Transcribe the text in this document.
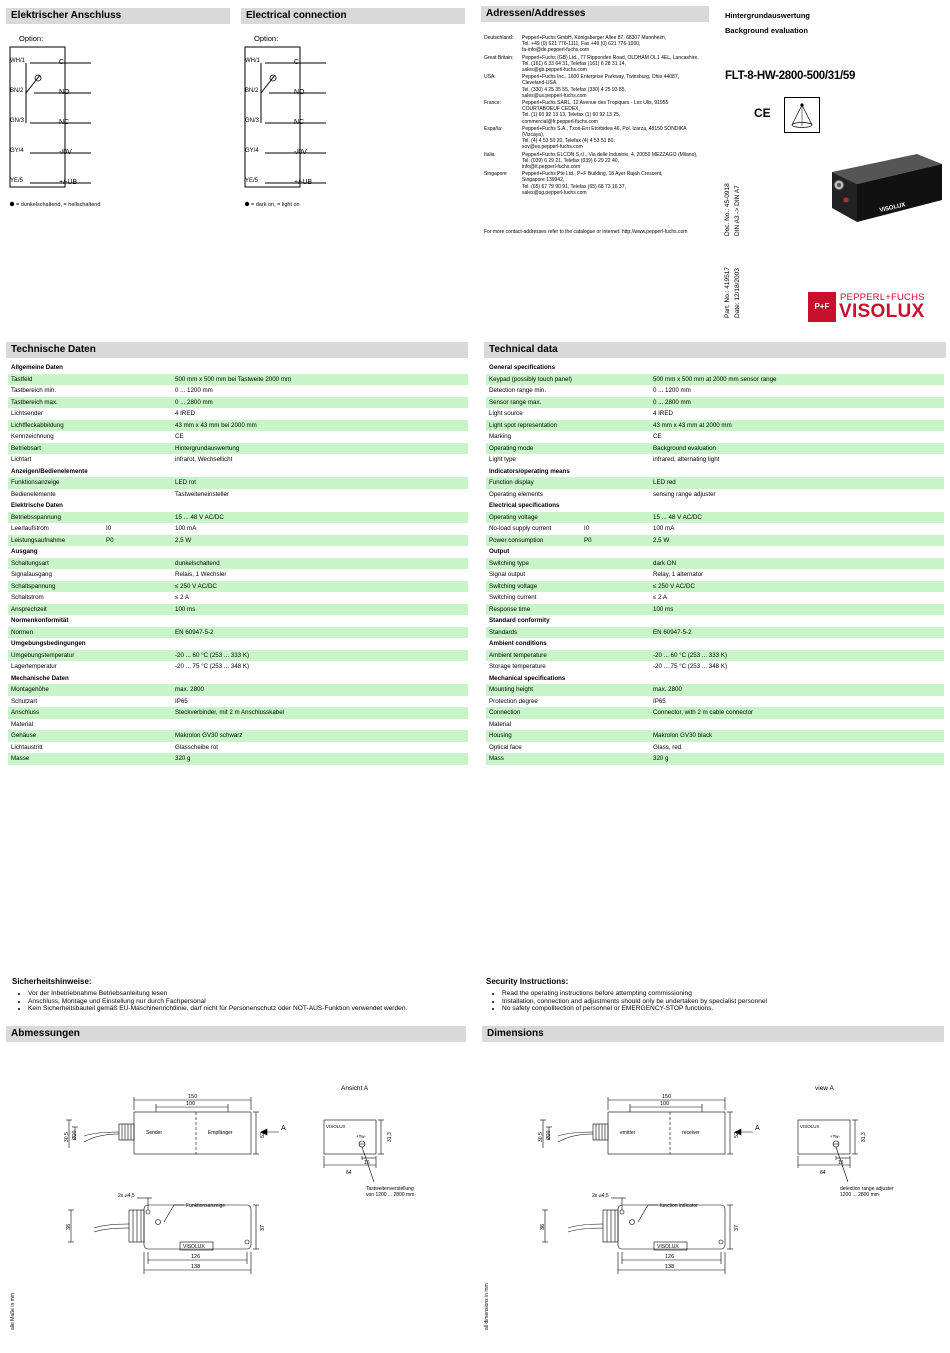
Elektrischer Anschluss
Option:
WH/1
BN/2
GN/3
GY/4
YE/5
C
NO
NC
-/0V
+/-UB
= dunkelschaltend, = hellschaltend
Electrical connection
Option:
WH/1
BN/2
GN/3
GY/4
YE/5
C
NO
NC
-/0V
+/-UB
= dark on, = light on
Adressen/Addresses
Deutschland:	Pepperl+Fuchs GmbH, Königsberger Allee 87, 68307 Mannheim,
Tel. +49 (0) 621 776-1111, Fax +49 (0) 621 776-1000,
fa-info@de.pepperl-fuchs.com
Great Britain:	Pepperl+Fuchs (GB) Ltd., 77 Ripponden Road, OLDHAM OL1 4EL, Lancashire,
Tel. (161) 6 33 64 31, Telefax (161) 6 28 31 14,
sales@gb.pepperl-fuchs.com
USA:	Pepperl+Fuchs Inc., 1600 Enterprise Parkway, Twinsburg, Ohio 44087,
Cleveland-USA,
Tel. (330) 4 25 35 55, Telefax (330) 4 25 93 85,
sales@us.pepperl-fuchs.com
France:	Pepperl+Fuchs SARL, 12 Avenue des Tropiques - Les Ulis, 91955
COURTABOEUF CEDEX,
Tel. (1) 60 92 13 13, Telefax (1) 60 92 13 25,
commercial@fr.pepperl-fuchs.com
España:	Pepperl+Fuchs S.A., Txori-Erri Etorbidea 46, Pol. Izarza, 48150 SONDIKA
(Vizcaya),
Tel. (4) 4 53 50 20, Telefax (4) 4 53 51 80,
sov@es.pepperl-fuchs.com
Italia	Pepperl+Fuchs ELCON S.r.l., Via delle Industrie, 4, 20050 MEZZAGO (Milano),
Tel. (039) 6 29 21, Telefax (039) 6 29 22 40,
info@it.pepperl-fuchs.com
Singapore	Pepperl+Fuchs Pte Ltd., P+F Building, 18 Ayer Rajah Crescent,
Singapore 139942,
Tel. (65) 67 79 90 91, Telefax (65) 68 73 16 37,
sales@sg.pepperl-fuchs.com
For more contact-addresses refer to the catalogue or internet: http://www.pepperl-fuchs.com
Hintergrundauswertung
Background evaluation
FLT-8-HW-2800-500/31/59
CE
VISOLUX
Doc. No.: 45-0918 DIN A3 -> DIN A7
Part. No.: 419517
Date: 12/18/2003
P+F
PEPPERL+FUCHS
VISOLUX
Technische Daten
Allgemeine Daten		
Tastfeld		500 mm x 500 mm bei Tastweite 2000 mm
Tastbereich min.		0 ... 1200 mm
Tastbereich max.		0 ... 2800 mm
Lichtsender		4 IRED
Lichtfleckabbildung		43 mm x 43 mm bei 2000 mm
Kennzeichnung		CE
Betriebsart		Hintergrundauswertung
Lichtart		infrarot, Wechsellicht
Anzeigen/Bedienelemente		
Funktionsanzeige		LED rot
Bedienelemente		Tastweiteneinsteller
Elektrische Daten		
Betriebsspannung		15 ... 48 V AC/DC
Leerlaufstrom	I0	100 mA
Leistungsaufnahme	P0	2,5 W
Ausgang		
Schaltungsart		dunkelschaltend
Signalausgang		Relais, 1 Wechsler
Schaltspannung		≤ 250 V AC/DC
Schaltstrom		≤ 2 A
Ansprechzeit		100 ms
Normenkonformität		
Normen		EN 60947-5-2
Umgebungsbedingungen		
Umgebungstemperatur		-20 ... 60 °C (253 ... 333 K)
Lagertemperatur		-20 ... 75 °C (253 ... 348 K)
Mechanische Daten		
Montagehöhe		max. 2800
Schutzart		IP65
Anschluss		Steckverbinder, mit 2 m Anschlusskabel
Material		
Gehäuse		Makrolon GV30 schwarz
Lichtaustritt		Glasscheibe rot
Masse		320 g
Technical data
General specifications		
Keypad (possibly touch panel)		500 mm x 500 mm at 2000 mm sensor range
Detection range min.		0 ... 1200 mm
Sensor range max.		0 ... 2800 mm
Light source		4 IRED
Light spot representation		43 mm x 43 mm at 2000 mm
Marking		CE
Operating mode		Background evaluation
Light type		infrared, alternating light
Indicators/operating means		
Function display		LED red
Operating elements		sensing range adjuster
Electrical specifications		
Operating voltage		15 ... 48 V AC/DC
No-load supply current	I0	100 mA
Power consumption	P0	2,5 W
Output		
Switching type		dark ON
Signal output		Relay, 1 alternator
Switching voltage		≤ 250 V AC/DC
Switching current		≤ 2 A
Response time		100 ms
Standard conformity		
Standards		EN 60947-5-2
Ambient conditions		
Ambient temperature		-20 ... 60 °C (253 ... 333 K)
Storage temperature		-20 ... 75 °C (253 ... 348 K)
Mechanical specifications		
Mounting height		max. 2800
Protection degree		IP65
Connection		Connector, with 2 m cable connector
Material		
Housing		Makrolon GV30 black
Optical face		Glass, red
Mass		320 g
Sicherheitshinweise:
• Vor der Inbetriebnahme Betriebsanleitung lesen
• Anschluss, Montage und Einstellung nur durch Fachpersonal
• Kein Sicherheitsbauteil gemäß EU-Maschinenrichtlinie, darf nicht für Personenschutz oder NOT-AUS-Funktion verwendet werden.
Security Instructions:
• Read the operating instructions before attempting commissioning
• Installation, connection and adjustments should only be undertaken by specialist personnel
• No safety compolltection of personnel or EMERGENCY-STOP functions.
Abmessungen	Dimensions
Ansicht A
150
100
Sender	Empfänger	52
30,5 Ø20
A	VISOLUX
+Tw-	31,3
16
64
Tastweitenverstellung
von 1200 ... 2800 mm
2x ⌀4,5
Funktionsanzeige
36	37
VISOLUX
126
138
alle Maße in mm
view A
150
100
emitter	receiver	52
30,5 Ø20
A	VISOLUX
+Tw-	31,3
16
64
detection range adjuster
1200 ... 2800 mm
2x ⌀4,5
function indicator
36	37
VISOLUX
126
138
all dimensions in mm
